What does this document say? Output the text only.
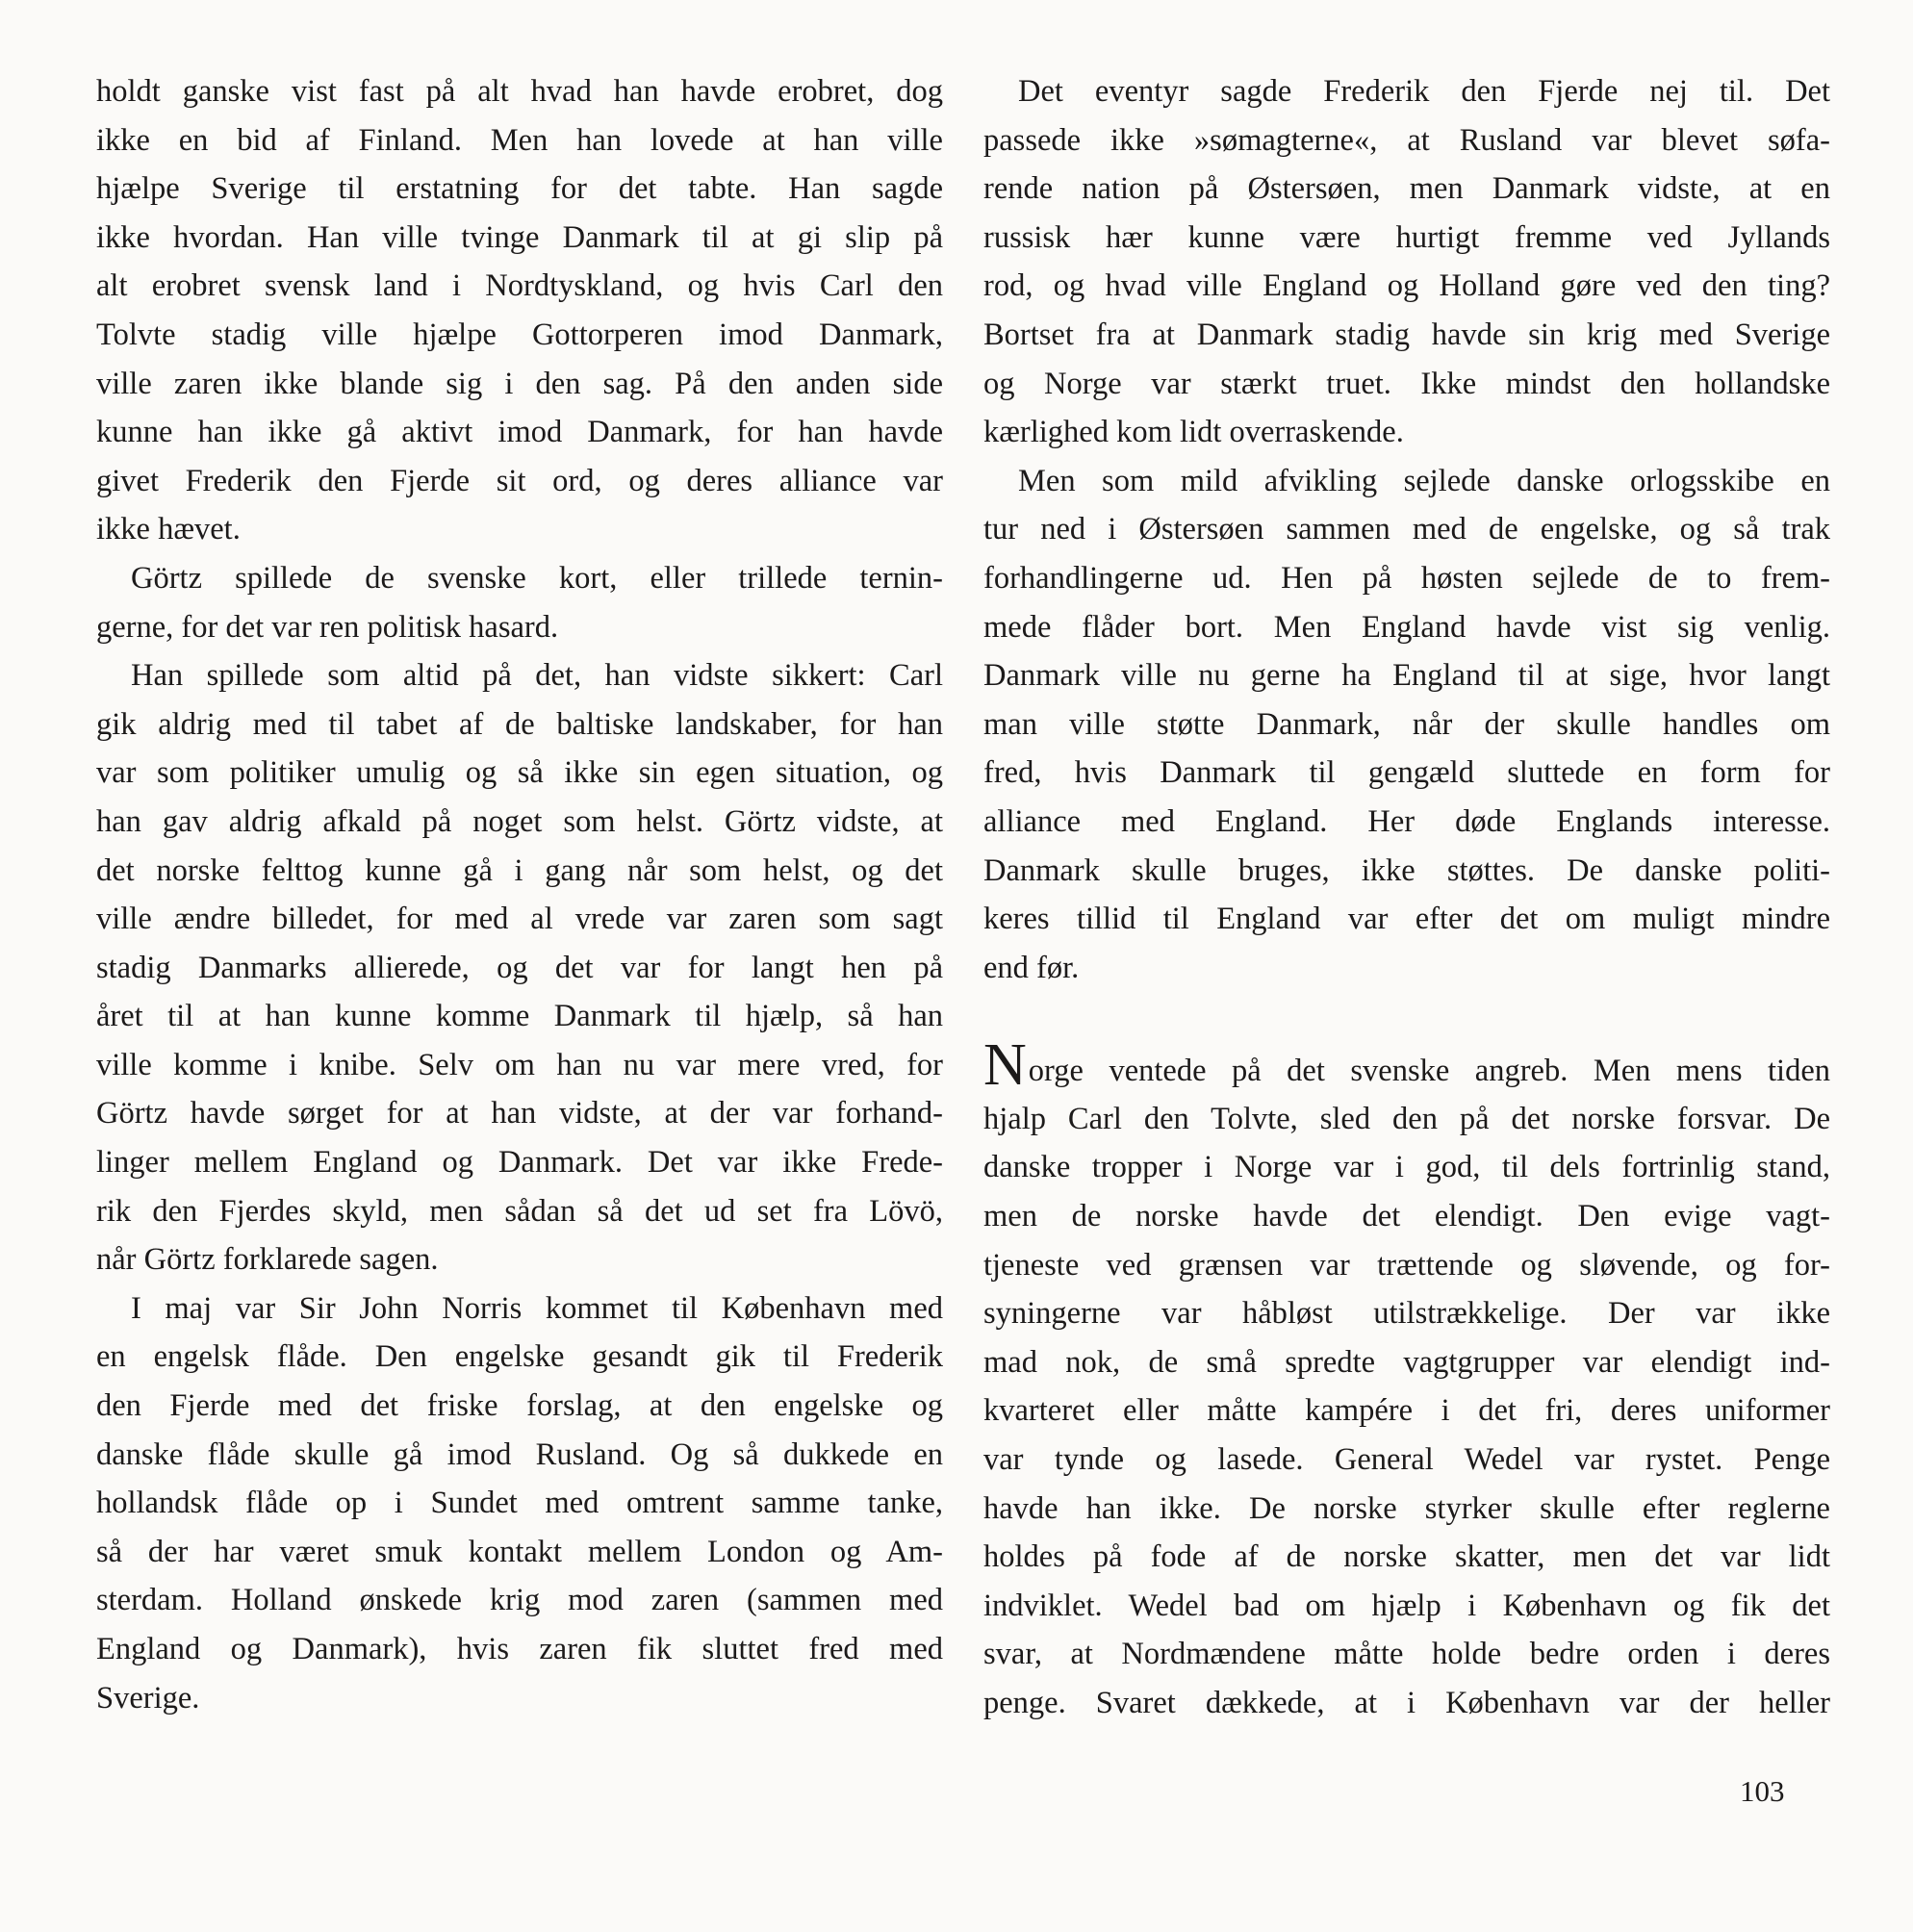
holdt ganske vist fast på alt hvad han havde erobret, dog
ikke en bid af Finland. Men han lovede at han ville
hjælpe Sverige til erstatning for det tabte. Han sagde
ikke hvordan. Han ville tvinge Danmark til at gi slip på
alt erobret svensk land i Nordtyskland, og hvis Carl den
Tolvte stadig ville hjælpe Gottorperen imod Danmark,
ville zaren ikke blande sig i den sag. På den anden side
kunne han ikke gå aktivt imod Danmark, for han havde
givet Frederik den Fjerde sit ord, og deres alliance var
ikke hævet.
Görtz spillede de svenske kort, eller trillede ternin-
gerne, for det var ren politisk hasard.
Han spillede som altid på det, han vidste sikkert: Carl
gik aldrig med til tabet af de baltiske landskaber, for han
var som politiker umulig og så ikke sin egen situation, og
han gav aldrig afkald på noget som helst. Görtz vidste, at
det norske felttog kunne gå i gang når som helst, og det
ville ændre billedet, for med al vrede var zaren som sagt
stadig Danmarks allierede, og det var for langt hen på
året til at han kunne komme Danmark til hjælp, så han
ville komme i knibe. Selv om han nu var mere vred, for
Görtz havde sørget for at han vidste, at der var forhand-
linger mellem England og Danmark. Det var ikke Frede-
rik den Fjerdes skyld, men sådan så det ud set fra Lövö,
når Görtz forklarede sagen.
I maj var Sir John Norris kommet til København med
en engelsk flåde. Den engelske gesandt gik til Frederik
den Fjerde med det friske forslag, at den engelske og
danske flåde skulle gå imod Rusland. Og så dukkede en
hollandsk flåde op i Sundet med omtrent samme tanke,
så der har været smuk kontakt mellem London og Am-
sterdam. Holland ønskede krig mod zaren (sammen med
England og Danmark), hvis zaren fik sluttet fred med
Sverige.
Det eventyr sagde Frederik den Fjerde nej til. Det
passede ikke »sømagterne«, at Rusland var blevet søfa-
rende nation på Østersøen, men Danmark vidste, at en
russisk hær kunne være hurtigt fremme ved Jyllands
rod, og hvad ville England og Holland gøre ved den ting?
Bortset fra at Danmark stadig havde sin krig med Sverige
og Norge var stærkt truet. Ikke mindst den hollandske
kærlighed kom lidt overraskende.
Men som mild afvikling sejlede danske orlogsskibe en
tur ned i Østersøen sammen med de engelske, og så trak
forhandlingerne ud. Hen på høsten sejlede de to frem-
mede flåder bort. Men England havde vist sig venlig.
Danmark ville nu gerne ha England til at sige, hvor langt
man ville støtte Danmark, når der skulle handles om
fred, hvis Danmark til gengæld sluttede en form for
alliance med England. Her døde Englands interesse.
Danmark skulle bruges, ikke støttes. De danske politi-
keres tillid til England var efter det om muligt mindre
end før.
Norge ventede på det svenske angreb. Men mens tiden
hjalp Carl den Tolvte, sled den på det norske forsvar. De
danske tropper i Norge var i god, til dels fortrinlig stand,
men de norske havde det elendigt. Den evige vagt-
tjeneste ved grænsen var trættende og sløvende, og for-
syningerne var håbløst utilstrækkelige. Der var ikke
mad nok, de små spredte vagtgrupper var elendigt ind-
kvarteret eller måtte kampére i det fri, deres uniformer
var tynde og lasede. General Wedel var rystet. Penge
havde han ikke. De norske styrker skulle efter reglerne
holdes på fode af de norske skatter, men det var lidt
indviklet. Wedel bad om hjælp i København og fik det
svar, at Nordmændene måtte holde bedre orden i deres
penge. Svaret dækkede, at i København var der heller
103
